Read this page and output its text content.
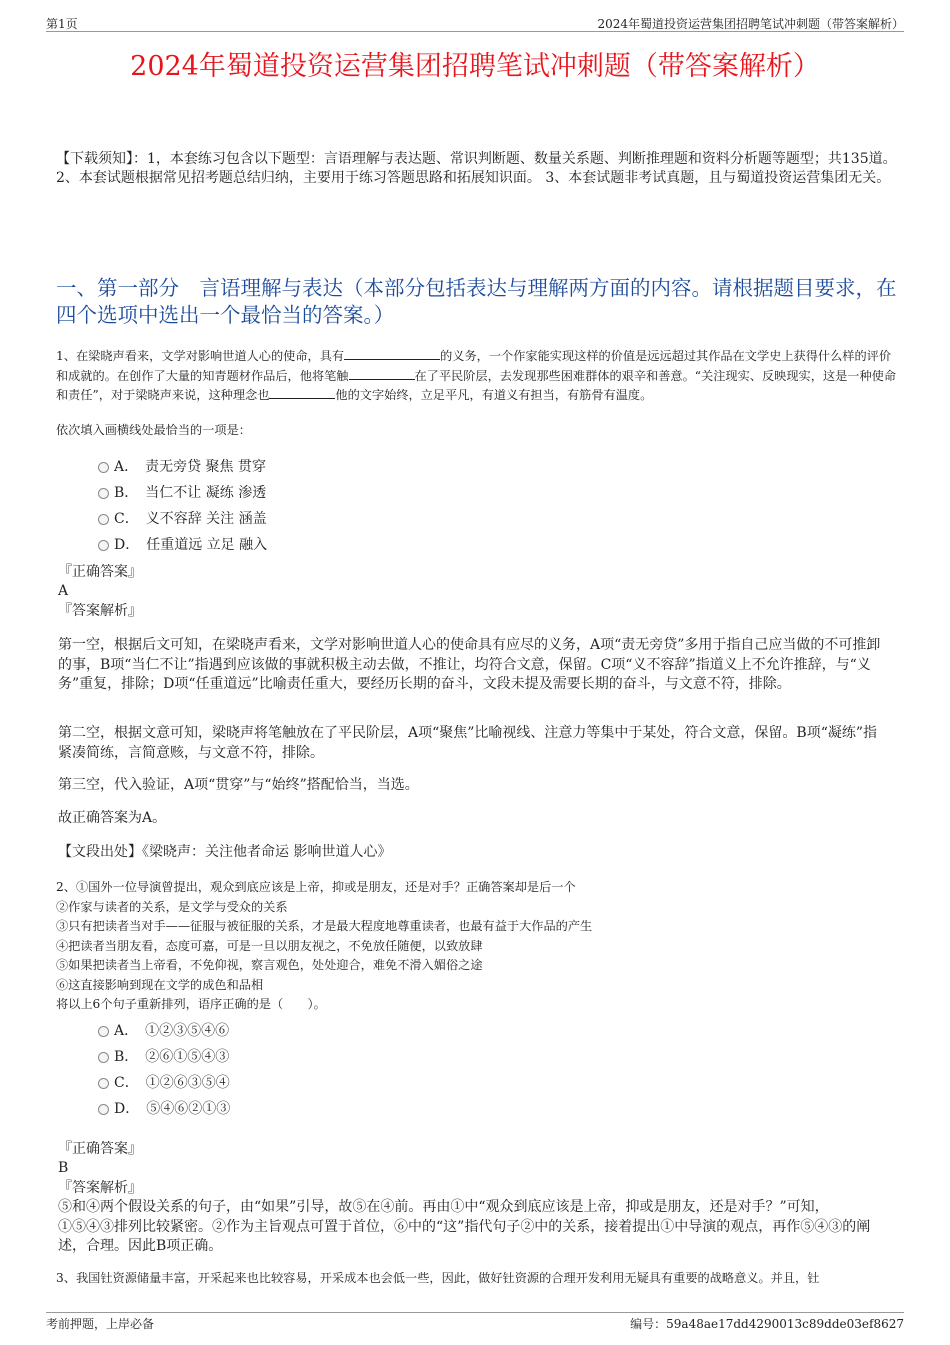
第1页	2024年蜀道投资运营集团招聘笔试冲刺题（带答案解析）
2024年蜀道投资运营集团招聘笔试冲刺题（带答案解析）
【下载须知】：1，本套练习包含以下题型：言语理解与表达题、常识判断题、数量关系题、判断推理题和资料分析题等题型；共135道。 2、本套试题根据常见招考题总结归纳，主要用于练习答题思路和拓展知识面。 3、本套试题非考试真题，且与蜀道投资运营集团无关。
一、第一部分　言语理解与表达（本部分包括表达与理解两方面的内容。请根据题目要求，在四个选项中选出一个最恰当的答案。）
1、在梁晓声看来，文学对影响世道人心的使命，具有	的义务，一个作家能实现这样的价值是远远超过其作品在文学史上获得什么样的评价和成就的。在创作了大量的知青题材作品后，他将笔触	在了平民阶层，去发现那些困难群体的艰辛和善意。“关注现实、反映现实，这是一种使命和责任”，对于梁晓声来说，这种理念也	他的文字始终，立足平凡，有道义有担当，有筋骨有温度。
依次填入画横线处最恰当的一项是：
A．　责无旁贷 聚焦 贯穿
B．　当仁不让 凝练 渗透
C．　义不容辞 关注 涵盖
D．　任重道远 立足 融入
『正确答案』
A
『答案解析』
第一空，根据后文可知，在梁晓声看来，文学对影响世道人心的使命具有应尽的义务，A项“责无旁贷”多用于指自己应当做的不可推卸的事，B项“当仁不让”指遇到应该做的事就积极主动去做，不推让，均符合文意，保留。C项“义不容辞”指道义上不允许推辞，与“义务”重复，排除；D项“任重道远”比喻责任重大，要经历长期的奋斗，文段未提及需要长期的奋斗，与文意不符，排除。
第二空，根据文意可知，梁晓声将笔触放在了平民阶层，A项“聚焦”比喻视线、注意力等集中于某处，符合文意，保留。B项“凝练”指紧凑简练，言简意赅，与文意不符，排除。
第三空，代入验证，A项“贯穿”与“始终”搭配恰当，当选。
故正确答案为A。
【文段出处】《梁晓声：关注他者命运 影响世道人心》
2、①国外一位导演曾提出，观众到底应该是上帝，抑或是朋友，还是对手？正确答案却是后一个
②作家与读者的关系，是文学与受众的关系
③只有把读者当对手——征服与被征服的关系，才是最大程度地尊重读者，也最有益于大作品的产生
④把读者当朋友看，态度可嘉，可是一旦以朋友视之，不免放任随便，以致放肆
⑤如果把读者当上帝看，不免仰视，察言观色，处处迎合，难免不滑入媚俗之途
⑥这直接影响到现在文学的成色和品相
将以上6个句子重新排列，语序正确的是（　　）。
A．　①②③⑤④⑥
B．　②⑥①⑤④③
C．　①②⑥③⑤④
D．　⑤④⑥②①③
『正确答案』
B
『答案解析』
⑤和④两个假设关系的句子，由“如果”引导，故⑤在④前。再由①中“观众到底应该是上帝，抑或是朋友，还是对手？”可知，①⑤④③排列比较紧密。②作为主旨观点可置于首位，⑥中的“这”指代句子②中的关系，接着提出①中导演的观点，再作⑤④③的阐述，合理。因此B项正确。
3、我国钍资源储量丰富，开采起来也比较容易，开采成本也会低一些，因此，做好钍资源的合理开发利用无疑具有重要的战略意义。并且，钍
考前押题，上岸必备	编号：59a48ae17dd4290013c89dde03ef8627
